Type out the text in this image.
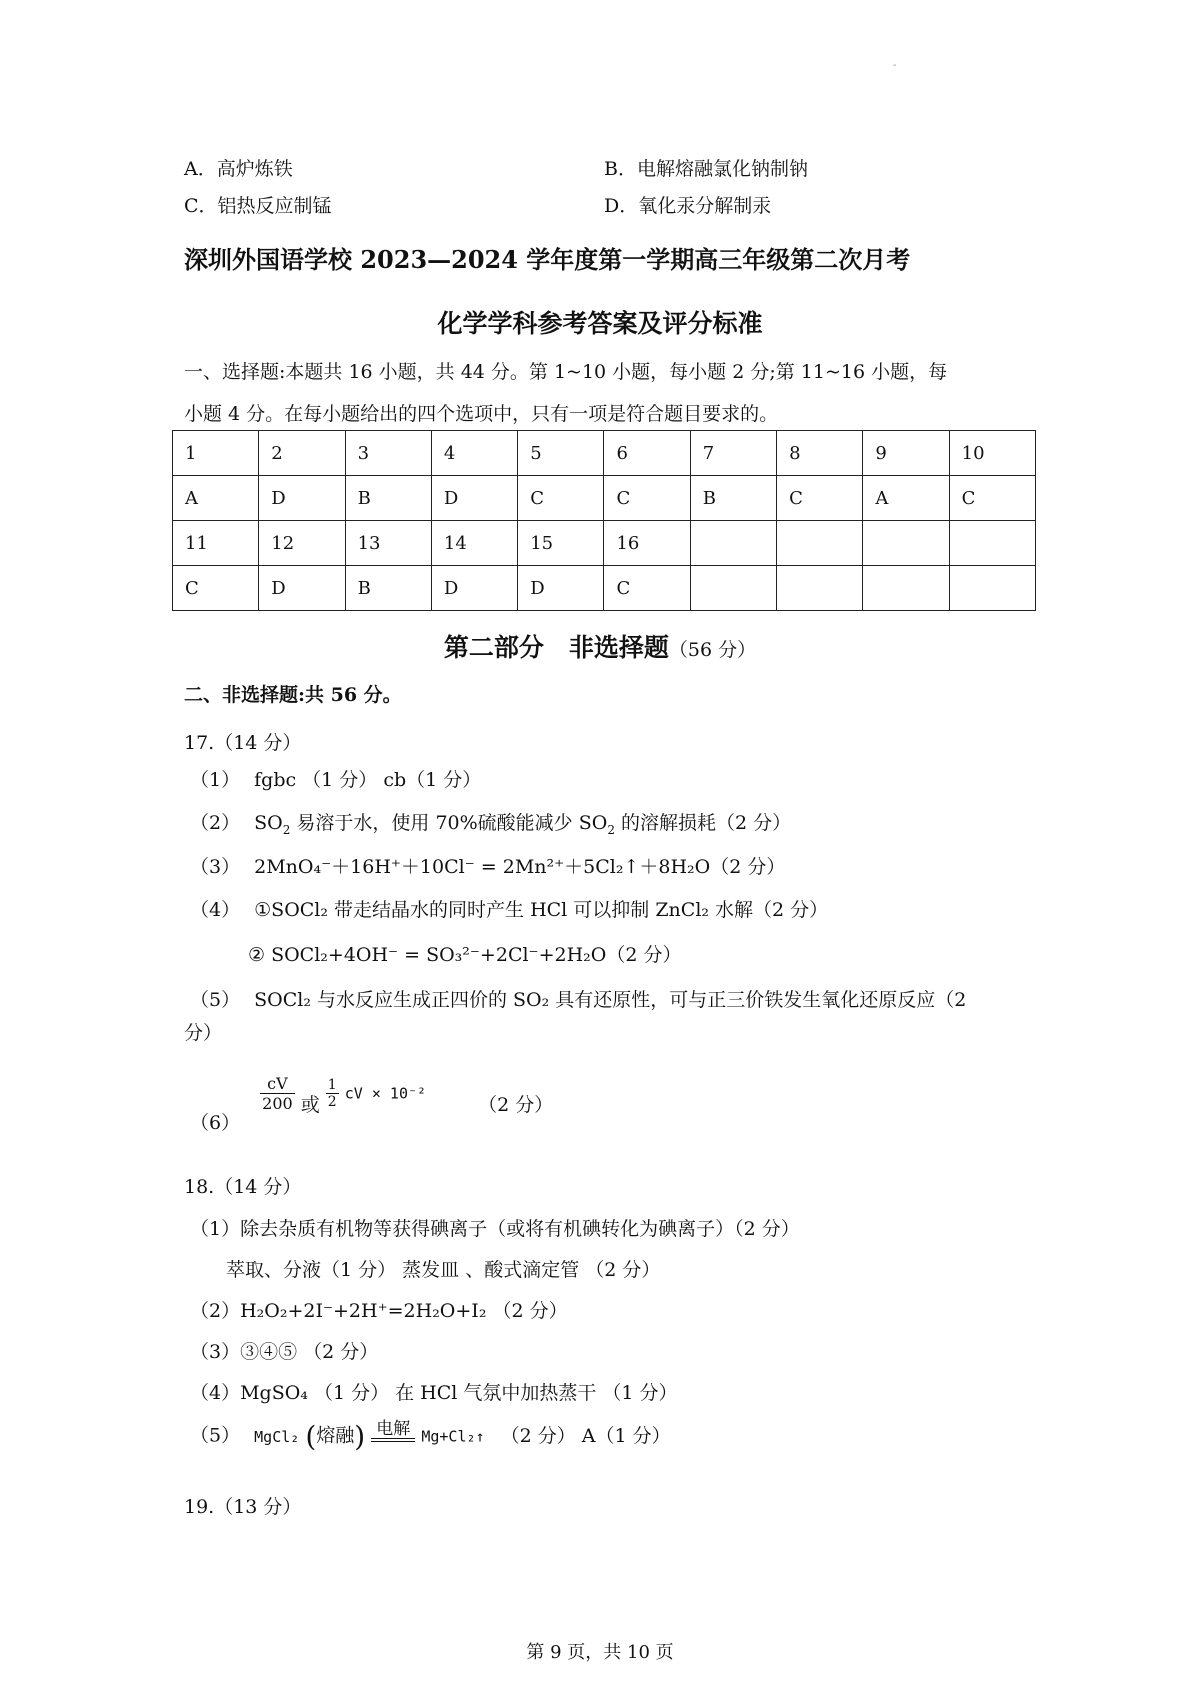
-
A．高炉炼铁	B．电解熔融氯化钠制钠
C．铝热反应制锰	D．氧化汞分解制汞
深圳外国语学校 2023—2024 学年度第一学期高三年级第二次月考
化学学科参考答案及评分标准
一、选择题:本题共 16 小题，共 44 分。第 1~10 小题，每小题 2 分;第 11~16 小题，每
小题 4 分。在每小题给出的四个选项中，只有一项是符合题目要求的。
1	2	3	4	5	6	7	8	9	10
A	D	B	D	C	C	B	C	A	C
11	12	13	14	15	16				
C	D	B	D	D	C				
第二部分　非选择题（56 分）
二、非选择题:共 56 分。
17.（14 分）
（1） fgbc （1 分） cb（1 分）
（2） $SO_2$ 易溶于水，使用 70%硫酸能减少 $SO_2$ 的溶解损耗（2 分）
（3） 2MnO₄⁻＋16H⁺＋10Cl⁻ = 2Mn²⁺＋5Cl₂↑＋8H₂O（2 分）
（4） ①SOCl₂ 带走结晶水的同时产生 HCl 可以抑制 ZnCl₂ 水解（2 分）
② SOCl₂+4OH⁻ = SO₃²⁻+2Cl⁻+2H₂O（2 分）
（5） SOCl₂ 与水反应生成正四价的 SO₂ 具有还原性，可与正三价铁发生氧化还原反应（2
分）
（6）
$\frac{cV}{200}$ 或 $\frac{1}{2}$ cV × 10⁻²	（2 分）
18.（14 分）
（1）除去杂质有机物等获得碘离子（或将有机碘转化为碘离子）（2 分）
萃取、分液（1 分） 蒸发皿 、酸式滴定管 （2 分）
（2）H₂O₂+2I⁻+2H⁺=2H₂O+I₂ （2 分）
（3）③④⑤ （2 分）
（4）MgSO₄ （1 分） 在 HCl 气氛中加热蒸干 （1 分）
（5） MgCl₂ (熔融) 电解 Mg+Cl₂↑ （2 分） A（1 分）
19.（13 分）
第 9 页，共 10 页
